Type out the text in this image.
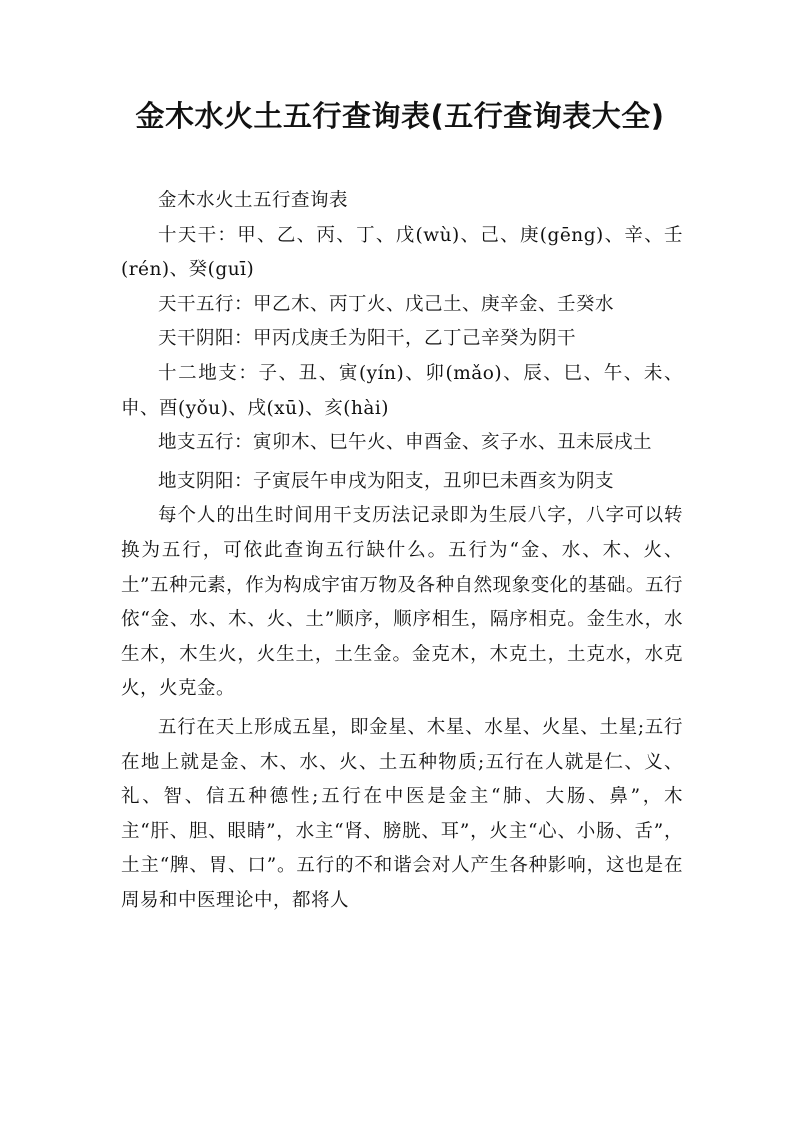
金木水火土五行查询表(五行查询表大全)

金木水火土五行查询表

十天干：甲、乙、丙、丁、戊(wù)、己、庚(gēng)、辛、壬(rén)、癸(guī)

天干五行：甲乙木、丙丁火、戊己土、庚辛金、壬癸水

天干阴阳：甲丙戊庚壬为阳干，乙丁己辛癸为阴干

十二地支：子、丑、寅(yín)、卯(mǎo)、辰、巳、午、未、申、酉(yǒu)、戌(xū)、亥(hài)

地支五行：寅卯木、巳午火、申酉金、亥子水、丑未辰戌土

地支阴阳：子寅辰午申戌为阳支，丑卯巳未酉亥为阴支

每个人的出生时间用干支历法记录即为生辰八字，八字可以转换为五行，可依此查询五行缺什么。五行为“金、水、木、火、土”五种元素，作为构成宇宙万物及各种自然现象变化的基础。五行依“金、水、木、火、土”顺序，顺序相生，隔序相克。金生水，水生木，木生火，火生土，土生金。金克木，木克土，土克水，水克火，火克金。

五行在天上形成五星，即金星、木星、水星、火星、土星;五行在地上就是金、木、水、火、土五种物质;五行在人就是仁、义、礼、智、信五种德性;五行在中医是金主“肺、大肠、鼻”，木主“肝、胆、眼睛”，水主“肾、膀胱、耳”，火主“心、小肠、舌”，土主“脾、胃、口”。五行的不和谐会对人产生各种影响，这也是在周易和中医理论中，都将人
